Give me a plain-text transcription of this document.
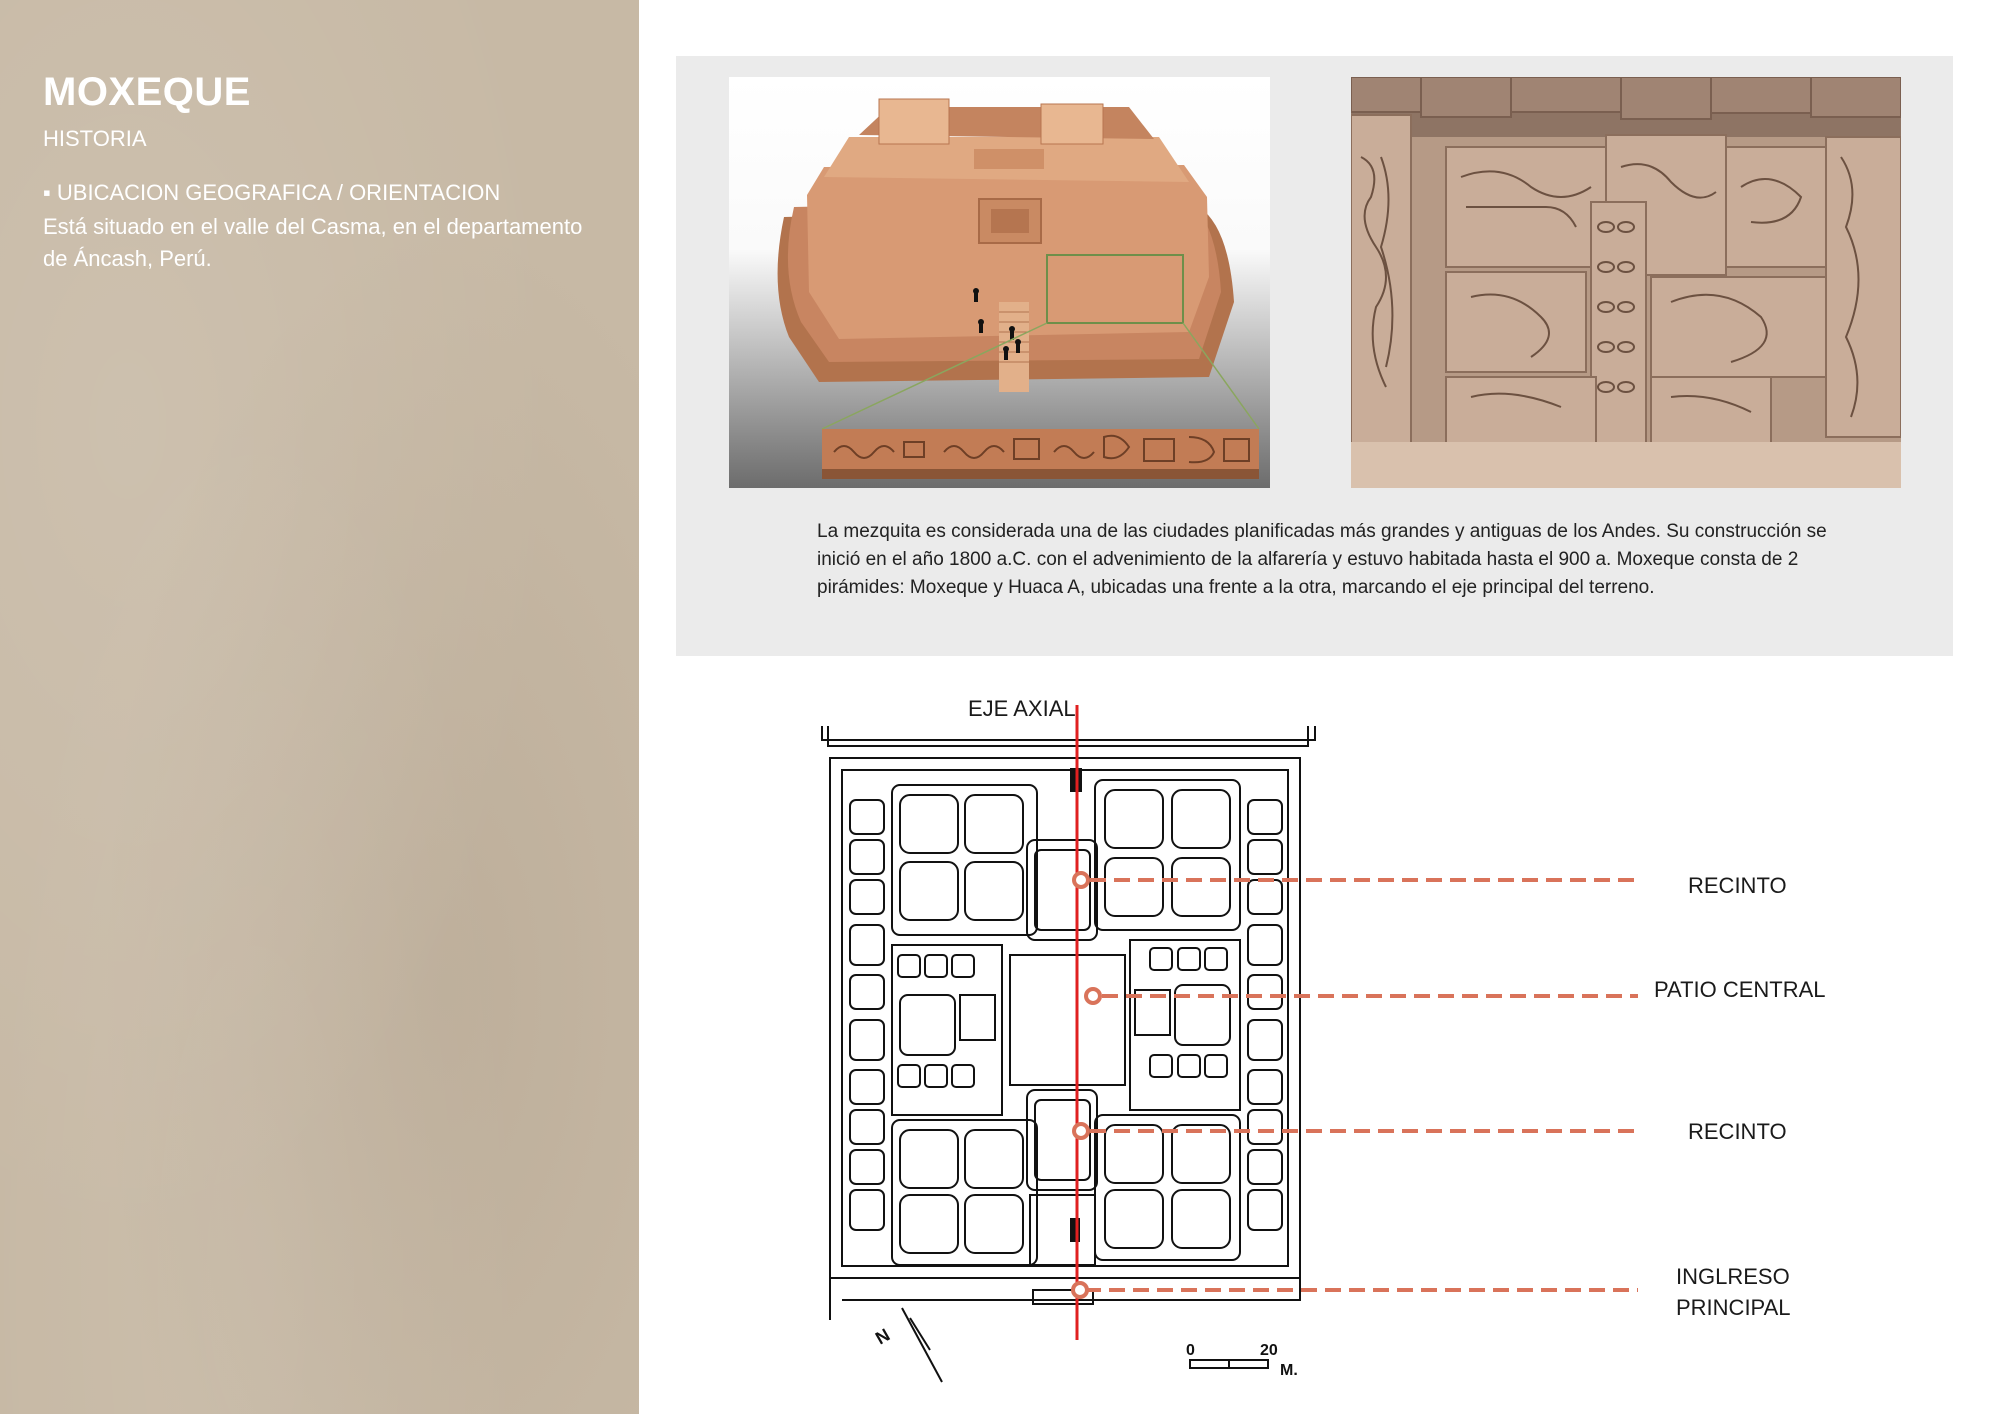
MOXEQUE
HISTORIA
▪ UBICACION GEOGRAFICA / ORIENTACION
Está situado en el valle del Casma, en el departamento de Áncash, Perú.
La mezquita es considerada una de las ciudades planificadas más grandes y antiguas de los Andes. Su construcción se inició en el año 1800 a.C. con el advenimiento de la alfarería y estuvo habitada hasta el 900 a. Moxeque consta de 2 pirámides: Moxeque y Huaca A, ubicadas una frente a la otra, marcando el eje principal del terreno.
N
0	20
M.
EJE AXIAL
RECINTO
PATIO CENTRAL
RECINTO
INGLRESO
PRINCIPAL
